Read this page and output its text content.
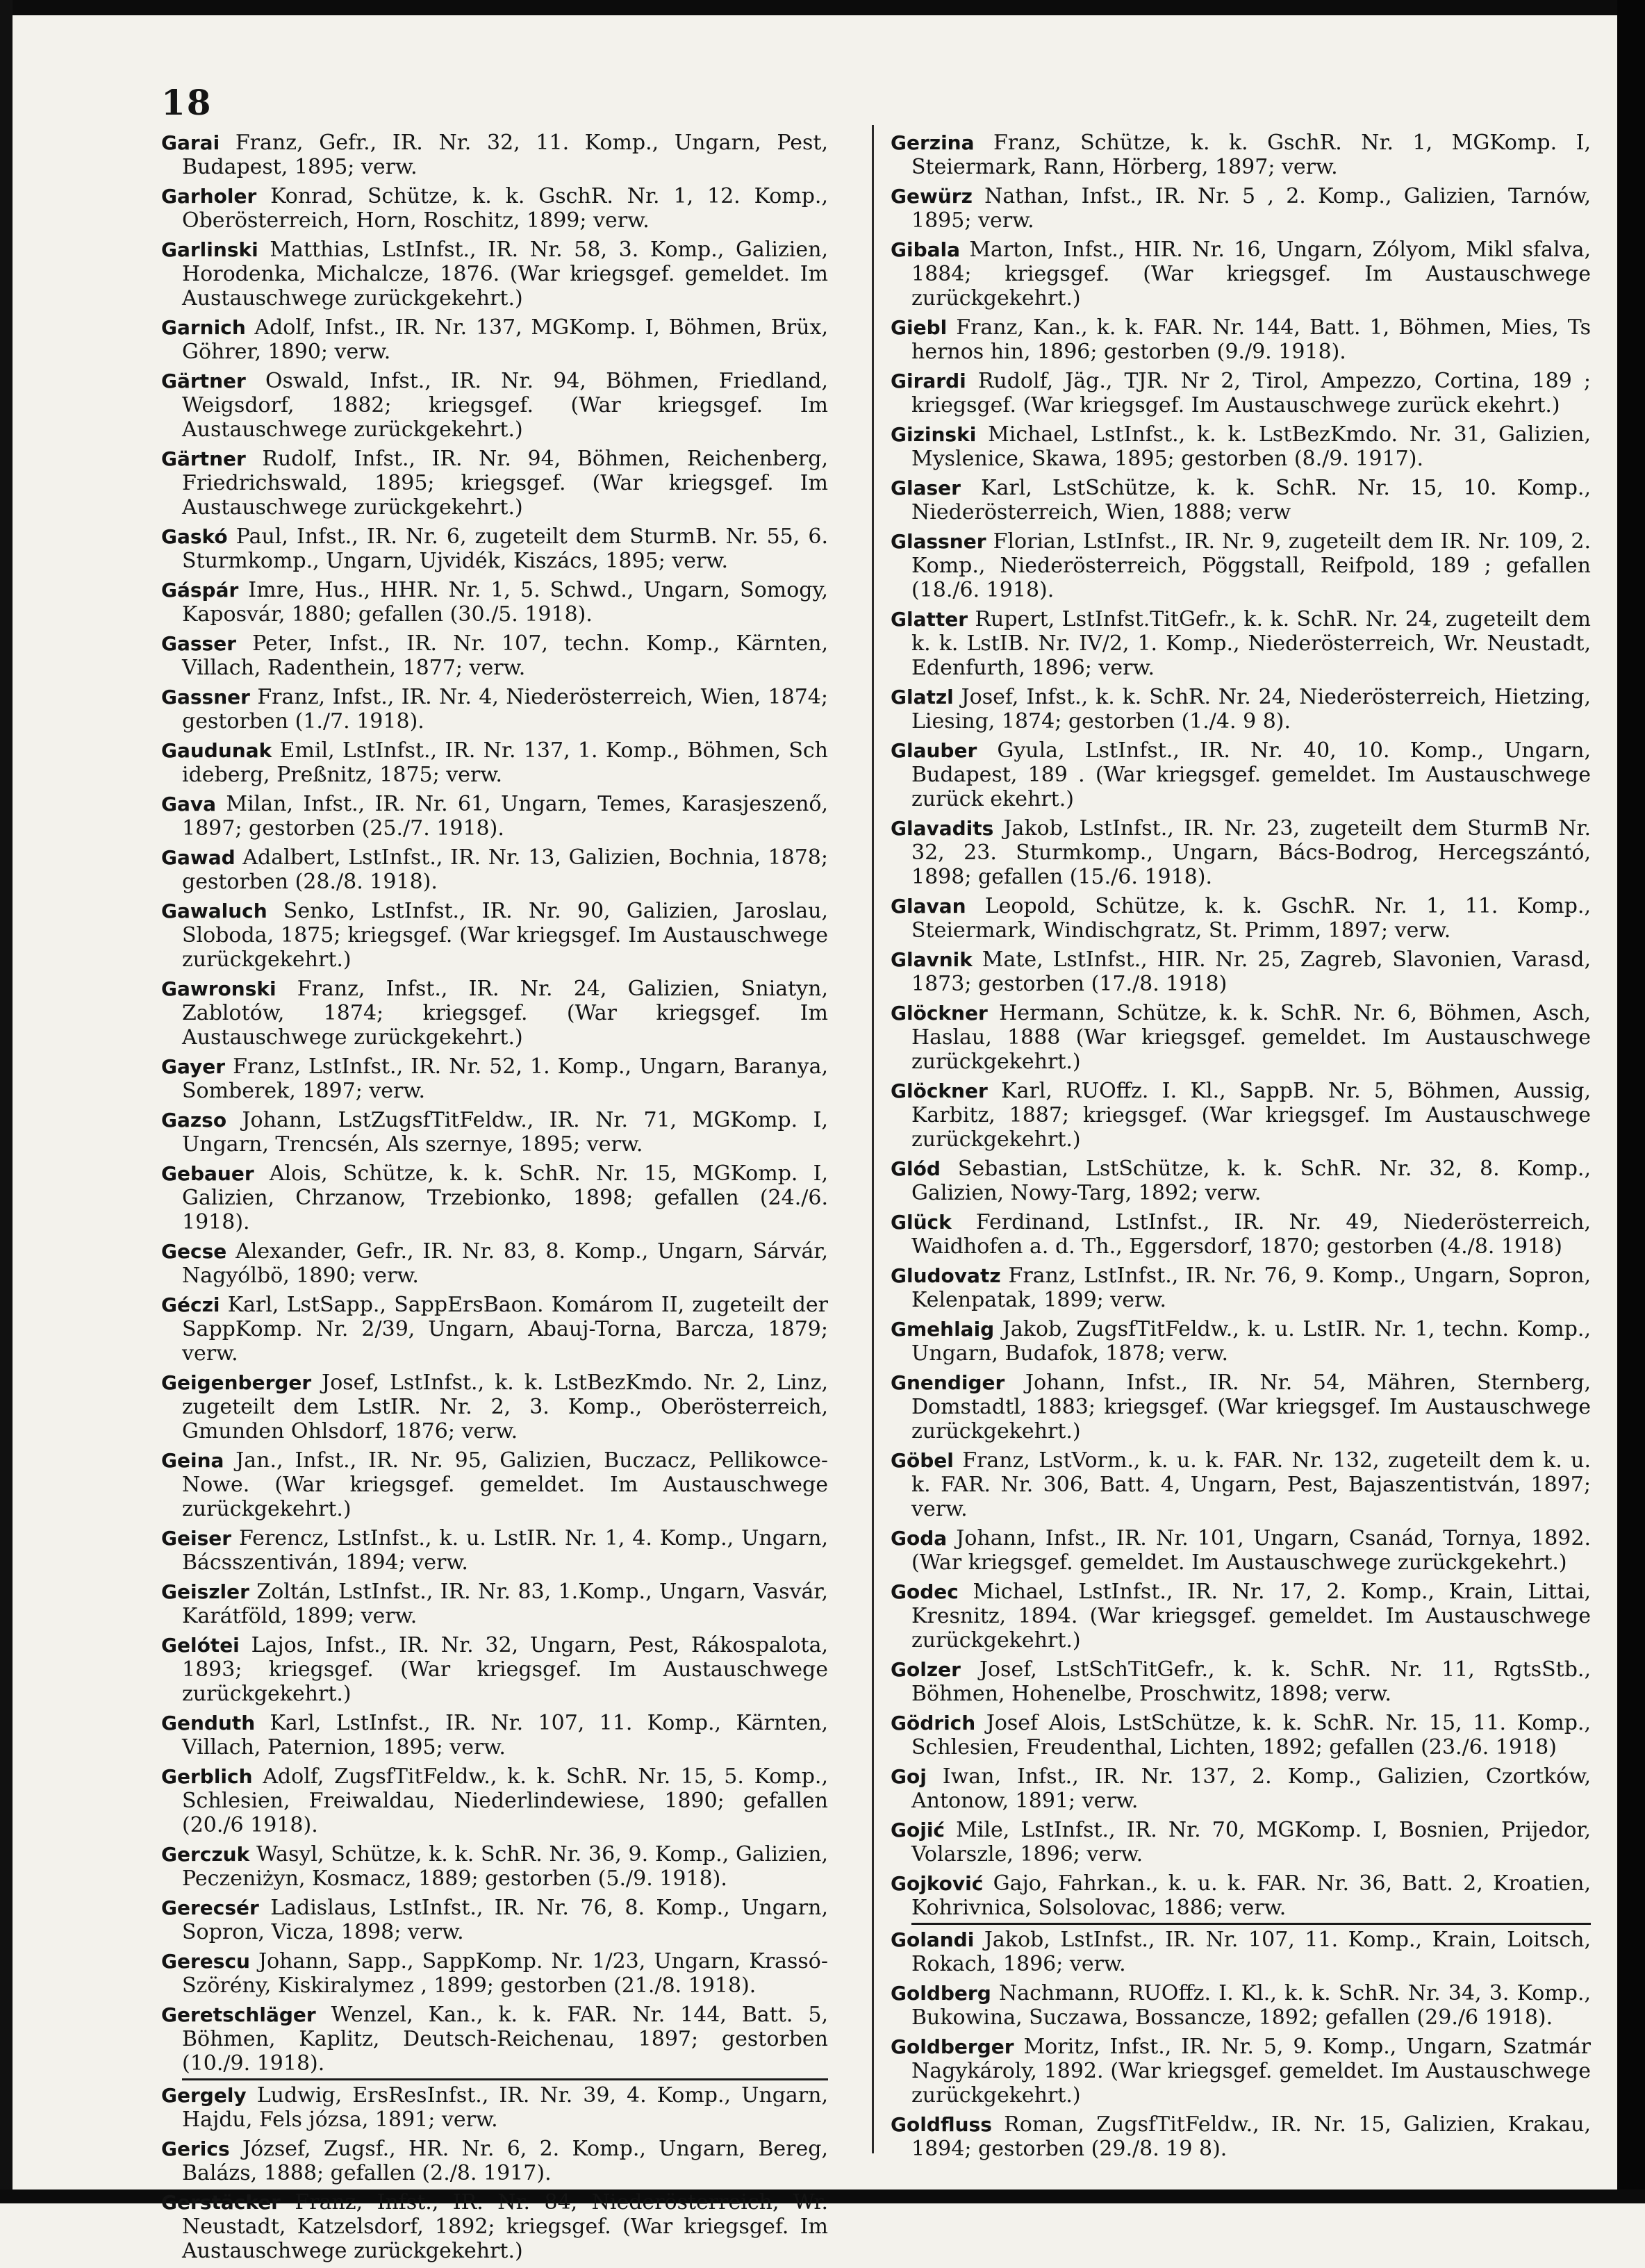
18
Garai Franz, Gefr., IR. Nr. 32, 11. Komp., Ungarn, Pest, Budapest, 1895; verw.
Garholer Konrad, Schütze, k. k. GschR. Nr. 1, 12. Komp., Oberösterreich, Horn, Roschitz, 1899; verw.
Garlinski Matthias, LstInfst., IR. Nr. 58, 3. Komp., Galizien, Horodenka, Michalcze, 1876. (War kriegsgef. gemeldet. Im Austauschwege zurückgekehrt.)
Garnich Adolf, Infst., IR. Nr. 137, MGKomp. I, Böhmen, Brüx, Göhrer, 1890; verw.
Gärtner Oswald, Infst., IR. Nr. 94, Böhmen, Friedland, Weigsdorf, 1882; kriegsgef. (War kriegsgef. Im Austauschwege zurückgekehrt.)
Gärtner Rudolf, Infst., IR. Nr. 94, Böhmen, Reichenberg, Friedrichswald, 1895; kriegsgef. (War kriegsgef. Im Austauschwege zurückgekehrt.)
Gaskó Paul, Infst., IR. Nr. 6, zugeteilt dem SturmB. Nr. 55, 6. Sturmkomp., Ungarn, Ujvidék, Kiszács, 1895; verw.
Gáspár Imre, Hus., HHR. Nr. 1, 5. Schwd., Ungarn, Somogy, Kaposvár, 1880; gefallen (30./5. 1918).
Gasser Peter, Infst., IR. Nr. 107, techn. Komp., Kärnten, Villach, Radenthein, 1877; verw.
Gassner Franz, Infst., IR. Nr. 4, Niederösterreich, Wien, 1874; gestorben (1./7. 1918).
Gaudunak Emil, LstInfst., IR. Nr. 137, 1. Komp., Böhmen, Sch ideberg, Preßnitz, 1875; verw.
Gava Milan, Infst., IR. Nr. 61, Ungarn, Temes, Karasjeszenő, 1897; gestorben (25./7. 1918).
Gawad Adalbert, LstInfst., IR. Nr. 13, Galizien, Bochnia, 1878; gestorben (28./8. 1918).
Gawaluch Senko, LstInfst., IR. Nr. 90, Galizien, Jaroslau, Sloboda, 1875; kriegsgef. (War kriegsgef. Im Austauschwege zurückgekehrt.)
Gawronski Franz, Infst., IR. Nr. 24, Galizien, Sniatyn, Zablotów, 1874; kriegsgef. (War kriegsgef. Im Austauschwege zurückgekehrt.)
Gayer Franz, LstInfst., IR. Nr. 52, 1. Komp., Ungarn, Baranya, Somberek, 1897; verw.
Gazso Johann, LstZugsfTitFeldw., IR. Nr. 71, MGKomp. I, Ungarn, Trencsén, Als szernye, 1895; verw.
Gebauer Alois, Schütze, k. k. SchR. Nr. 15, MGKomp. I, Galizien, Chrzanow, Trzebionko, 1898; gefallen (24./6. 1918).
Gecse Alexander, Gefr., IR. Nr. 83, 8. Komp., Ungarn, Sárvár, Nagyólbö, 1890; verw.
Géczi Karl, LstSapp., SappErsBaon. Komárom II, zugeteilt der SappKomp. Nr. 2/39, Ungarn, Abauj-Torna, Barcza, 1879; verw.
Geigenberger Josef, LstInfst., k. k. LstBezKmdo. Nr. 2, Linz, zugeteilt dem LstIR. Nr. 2, 3. Komp., Oberösterreich, Gmunden Ohlsdorf, 1876; verw.
Geina Jan., Infst., IR. Nr. 95, Galizien, Buczacz, Pellikowce-Nowe. (War kriegsgef. gemeldet. Im Austauschwege zurückgekehrt.)
Geiser Ferencz, LstInfst., k. u. LstIR. Nr. 1, 4. Komp., Ungarn, Bácsszentiván, 1894; verw.
Geiszler Zoltán, LstInfst., IR. Nr. 83, 1.Komp., Ungarn, Vasvár, Karátföld, 1899; verw.
Gelótei Lajos, Infst., IR. Nr. 32, Ungarn, Pest, Rákospalota, 1893; kriegsgef. (War kriegsgef. Im Austauschwege zurückgekehrt.)
Genduth Karl, LstInfst., IR. Nr. 107, 11. Komp., Kärnten, Villach, Paternion, 1895; verw.
Gerblich Adolf, ZugsfTitFeldw., k. k. SchR. Nr. 15, 5. Komp., Schlesien, Freiwaldau, Niederlindewiese, 1890; gefallen (20./6 1918).
Gerczuk Wasyl, Schütze, k. k. SchR. Nr. 36, 9. Komp., Galizien, Peczeniżyn, Kosmacz, 1889; gestorben (5./9. 1918).
Gerecsér Ladislaus, LstInfst., IR. Nr. 76, 8. Komp., Ungarn, Sopron, Vicza, 1898; verw.
Gerescu Johann, Sapp., SappKomp. Nr. 1/23, Ungarn, Krassó-Szörény, Kiskiralymez , 1899; gestorben (21./8. 1918).
Geretschläger Wenzel, Kan., k. k. FAR. Nr. 144, Batt. 5, Böhmen, Kaplitz, Deutsch-Reichenau, 1897; gestorben (10./9. 1918).
Gergely Ludwig, ErsResInfst., IR. Nr. 39, 4. Komp., Ungarn, Hajdu, Fels józsa, 1891; verw.
Gerics József, Zugsf., HR. Nr. 6, 2. Komp., Ungarn, Bereg, Balázs, 1888; gefallen (2./8. 1917).
Gerstäcker Franz, Infst., IR. Nr. 84, Niederösterreich, Wr. Neustadt, Katzelsdorf, 1892; kriegsgef. (War kriegsgef. Im Austauschwege zurückgekehrt.)
Gerzina Franz, Schütze, k. k. GschR. Nr. 1, MGKomp. I, Steiermark, Rann, Hörberg, 1897; verw.
Gewürz Nathan, Infst., IR. Nr. 5 , 2. Komp., Galizien, Tarnów, 1895; verw.
Gibala Marton, Infst., HIR. Nr. 16, Ungarn, Zólyom, Mikl sfalva, 1884; kriegsgef. (War kriegsgef. Im Austauschwege zurückgekehrt.)
Giebl Franz, Kan., k. k. FAR. Nr. 144, Batt. 1, Böhmen, Mies, Ts hernos hin, 1896; gestorben (9./9. 1918).
Girardi Rudolf, Jäg., TJR. Nr 2, Tirol, Ampezzo, Cortina, 189 ; kriegsgef. (War kriegsgef. Im Austauschwege zurück ekehrt.)
Gizinski Michael, LstInfst., k. k. LstBezKmdo. Nr. 31, Galizien, Myslenice, Skawa, 1895; gestorben (8./9. 1917).
Glaser Karl, LstSchütze, k. k. SchR. Nr. 15, 10. Komp., Niederösterreich, Wien, 1888; verw
Glassner Florian, LstInfst., IR. Nr. 9, zugeteilt dem IR. Nr. 109, 2. Komp., Niederösterreich, Pöggstall, Reifpold, 189 ; gefallen (18./6. 1918).
Glatter Rupert, LstInfst.TitGefr., k. k. SchR. Nr. 24, zugeteilt dem k. k. LstIB. Nr. IV/2, 1. Komp., Niederösterreich, Wr. Neustadt, Edenfurth, 1896; verw.
Glatzl Josef, Infst., k. k. SchR. Nr. 24, Niederösterreich, Hietzing, Liesing, 1874; gestorben (1./4. 9 8).
Glauber Gyula, LstInfst., IR. Nr. 40, 10. Komp., Ungarn, Budapest, 189 . (War kriegsgef. gemeldet. Im Austauschwege zurück ekehrt.)
Glavadits Jakob, LstInfst., IR. Nr. 23, zugeteilt dem SturmB Nr. 32, 23. Sturmkomp., Ungarn, Bács-Bodrog, Hercegszántó, 1898; gefallen (15./6. 1918).
Glavan Leopold, Schütze, k. k. GschR. Nr. 1, 11. Komp., Steiermark, Windischgratz, St. Primm, 1897; verw.
Glavnik Mate, LstInfst., HIR. Nr. 25, Zagreb, Slavonien, Varasd, 1873; gestorben (17./8. 1918)
Glöckner Hermann, Schütze, k. k. SchR. Nr. 6, Böhmen, Asch, Haslau, 1888 (War kriegsgef. gemeldet. Im Austauschwege zurückgekehrt.)
Glöckner Karl, RUOffz. I. Kl., SappB. Nr. 5, Böhmen, Aussig, Karbitz, 1887; kriegsgef. (War kriegsgef. Im Austauschwege zurückgekehrt.)
Glód Sebastian, LstSchütze, k. k. SchR. Nr. 32, 8. Komp., Galizien, Nowy-Targ, 1892; verw.
Glück Ferdinand, LstInfst., IR. Nr. 49, Niederösterreich, Waidhofen a. d. Th., Eggersdorf, 1870; gestorben (4./8. 1918)
Gludovatz Franz, LstInfst., IR. Nr. 76, 9. Komp., Ungarn, Sopron, Kelenpatak, 1899; verw.
Gmehlaig Jakob, ZugsfTitFeldw., k. u. LstIR. Nr. 1, techn. Komp., Ungarn, Budafok, 1878; verw.
Gnendiger Johann, Infst., IR. Nr. 54, Mähren, Sternberg, Domstadtl, 1883; kriegsgef. (War kriegsgef. Im Austauschwege zurückgekehrt.)
Göbel Franz, LstVorm., k. u. k. FAR. Nr. 132, zugeteilt dem k. u. k. FAR. Nr. 306, Batt. 4, Ungarn, Pest, Bajaszentistván, 1897; verw.
Goda Johann, Infst., IR. Nr. 101, Ungarn, Csanád, Tornya, 1892. (War kriegsgef. gemeldet. Im Austauschwege zurückgekehrt.)
Godec Michael, LstInfst., IR. Nr. 17, 2. Komp., Krain, Littai, Kresnitz, 1894. (War kriegsgef. gemeldet. Im Austauschwege zurückgekehrt.)
Golzer Josef, LstSchTitGefr., k. k. SchR. Nr. 11, RgtsStb., Böhmen, Hohenelbe, Proschwitz, 1898; verw.
Gödrich Josef Alois, LstSchütze, k. k. SchR. Nr. 15, 11. Komp., Schlesien, Freudenthal, Lichten, 1892; gefallen (23./6. 1918)
Goj Iwan, Infst., IR. Nr. 137, 2. Komp., Galizien, Czortków, Antonow, 1891; verw.
Gojić Mile, LstInfst., IR. Nr. 70, MGKomp. I, Bosnien, Prijedor, Volarszle, 1896; verw.
Gojković Gajo, Fahrkan., k. u. k. FAR. Nr. 36, Batt. 2, Kroatien, Kohrivnica, Solsolovac, 1886; verw.
Golandi Jakob, LstInfst., IR. Nr. 107, 11. Komp., Krain, Loitsch, Rokach, 1896; verw.
Goldberg Nachmann, RUOffz. I. Kl., k. k. SchR. Nr. 34, 3. Komp., Bukowina, Suczawa, Bossancze, 1892; gefallen (29./6 1918).
Goldberger Moritz, Infst., IR. Nr. 5, 9. Komp., Ungarn, Szatmár Nagykároly, 1892. (War kriegsgef. gemeldet. Im Austauschwege zurückgekehrt.)
Goldfluss Roman, ZugsfTitFeldw., IR. Nr. 15, Galizien, Krakau, 1894; gestorben (29./8. 19 8).
